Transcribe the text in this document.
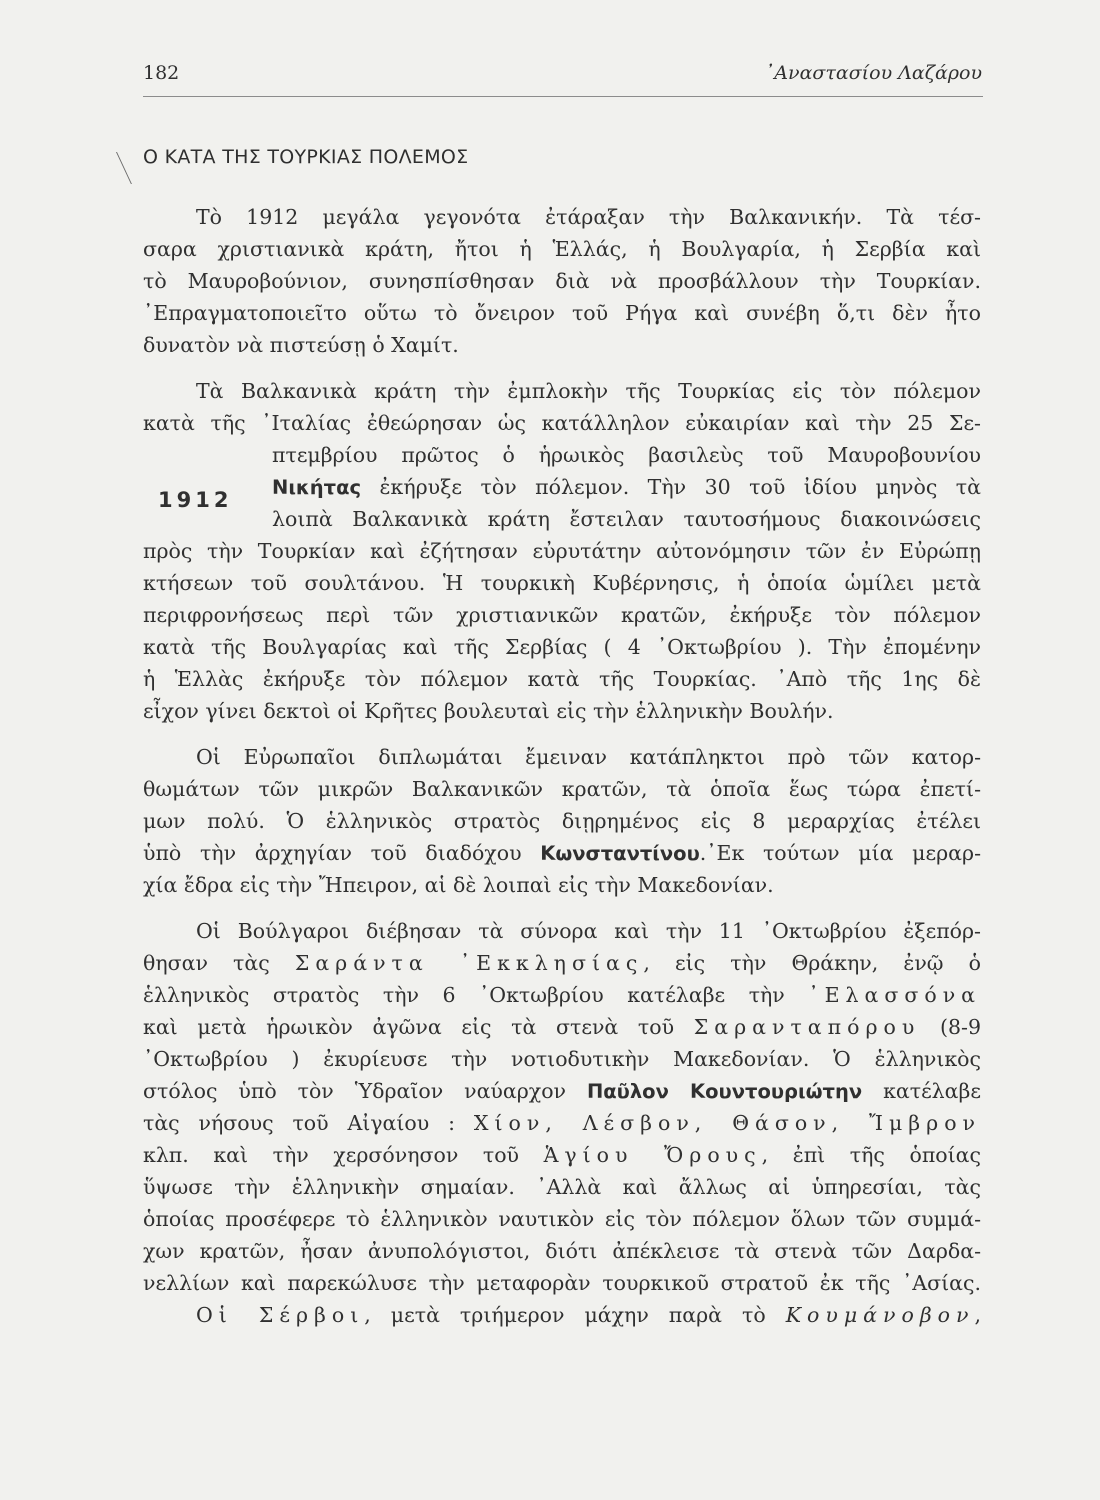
182	᾿Αναστασίου Λαζάρου
Ο ΚΑΤΑ ΤΗΣ ΤΟΥΡΚΙΑΣ ΠΟΛΕΜΟΣ
1912
Τὸ 1912 μεγάλα γεγονότα ἐτάραξαν τὴν Βαλκανικήν. Τὰ τέσ-
σαρα χριστιανικὰ κράτη, ἤτοι ἡ Ἑλλάς, ἡ Βουλγαρία, ἡ Σερβία καὶ
τὸ Μαυροβούνιον, συνησπίσθησαν διὰ νὰ προσβάλλουν τὴν Τουρκίαν.
᾿Επραγματοποιεῖτο οὕτω τὸ ὄνειρον τοῦ Ρήγα καὶ συνέβη ὅ,τι δὲν ἦτο
δυνατὸν νὰ πιστεύσῃ ὁ Χαμίτ.
Τὰ Βαλκανικὰ κράτη τὴν ἐμπλοκὴν τῆς Τουρκίας εἰς τὸν πόλεμον
κατὰ τῆς ᾿Ιταλίας ἐθεώρησαν ὡς κατάλληλον εὐκαιρίαν καὶ τὴν 25 Σε-
πτεμβρίου πρῶτος ὁ ἡρωικὸς βασιλεὺς τοῦ Μαυροβουνίου
Νικήτας ἐκήρυξε τὸν πόλεμον. Τὴν 30 τοῦ ἰδίου μηνὸς τὰ
λοιπὰ Βαλκανικὰ κράτη ἔστειλαν ταυτοσήμους διακοινώσεις
πρὸς τὴν Τουρκίαν καὶ ἐζήτησαν εὐρυτάτην αὐτονόμησιν τῶν ἐν Εὐρώπῃ
κτήσεων τοῦ σουλτάνου. Ἡ τουρκικὴ Κυβέρνησις, ἡ ὁποία ὡμίλει μετὰ
περιφρονήσεως περὶ τῶν χριστιανικῶν κρατῶν, ἐκήρυξε τὸν πόλεμον
κατὰ τῆς Βουλγαρίας καὶ τῆς Σερβίας ( 4 ᾿Οκτωβρίου ). Τὴν ἐπομένην
ἡ Ἑλλὰς ἐκήρυξε τὸν πόλεμον κατὰ τῆς Τουρκίας. ᾿Απὸ τῆς 1ης δὲ
εἶχον γίνει δεκτοὶ οἱ Κρῆτες βουλευταὶ εἰς τὴν ἑλληνικὴν Βουλήν.
Οἱ Εὐρωπαῖοι διπλωμάται ἔμειναν κατάπληκτοι πρὸ τῶν κατορ-
θωμάτων τῶν μικρῶν Βαλκανικῶν κρατῶν, τὰ ὁποῖα ἕως τώρα ἐπετί-
μων πολύ. Ὁ ἑλληνικὸς στρατὸς διῃρημένος εἰς 8 μεραρχίας ἐτέλει
ὑπὸ τὴν ἀρχηγίαν τοῦ διαδόχου Κωνσταντίνου.᾿Εκ τούτων μία μεραρ-
χία ἔδρα εἰς τὴν Ἤπειρον, αἱ δὲ λοιπαὶ εἰς τὴν Μακεδονίαν.
Οἱ Βούλγαροι διέβησαν τὰ σύνορα καὶ τὴν 11 ᾿Οκτωβρίου ἐξεπόρ-
θησαν τὰς Σαράντα ᾿Εκκλησίας, εἰς τὴν Θράκην, ἐνῷ ὁ
ἑλληνικὸς στρατὸς τὴν 6 ᾿Οκτωβρίου κατέλαβε τὴν ᾿Ελασσόνα
καὶ μετὰ ἡρωικὸν ἀγῶνα εἰς τὰ στενὰ τοῦ Σαρανταπόρου (8-9
᾿Οκτωβρίου ) ἐκυρίευσε τὴν νοτιοδυτικὴν Μακεδονίαν. Ὁ ἑλληνικὸς
στόλος ὑπὸ τὸν Ὑδραῖον ναύαρχον Παῦλον Κουντουριώτην κατέλαβε
τὰς νήσους τοῦ Αἰγαίου : Χίον, Λέσβον, Θάσον, Ἴμβρον
κλπ. καὶ τὴν χερσόνησον τοῦ Ἁγίου Ὄρους, ἐπὶ τῆς ὁποίας
ὕψωσε τὴν ἑλληνικὴν σημαίαν. ᾿Αλλὰ καὶ ἄλλως αἱ ὑπηρεσίαι, τὰς
ὁποίας προσέφερε τὸ ἑλληνικὸν ναυτικὸν εἰς τὸν πόλεμον ὅλων τῶν συμμά-
χων κρατῶν, ἦσαν ἀνυπολόγιστοι, διότι ἀπέκλεισε τὰ στενὰ τῶν Δαρδα-
νελλίων καὶ παρεκώλυσε τὴν μεταφορὰν τουρκικοῦ στρατοῦ ἐκ τῆς ᾿Ασίας.
Οἱ Σέρβοι, μετὰ τριήμερον μάχην παρὰ τὸ Κουμάνοβον,
